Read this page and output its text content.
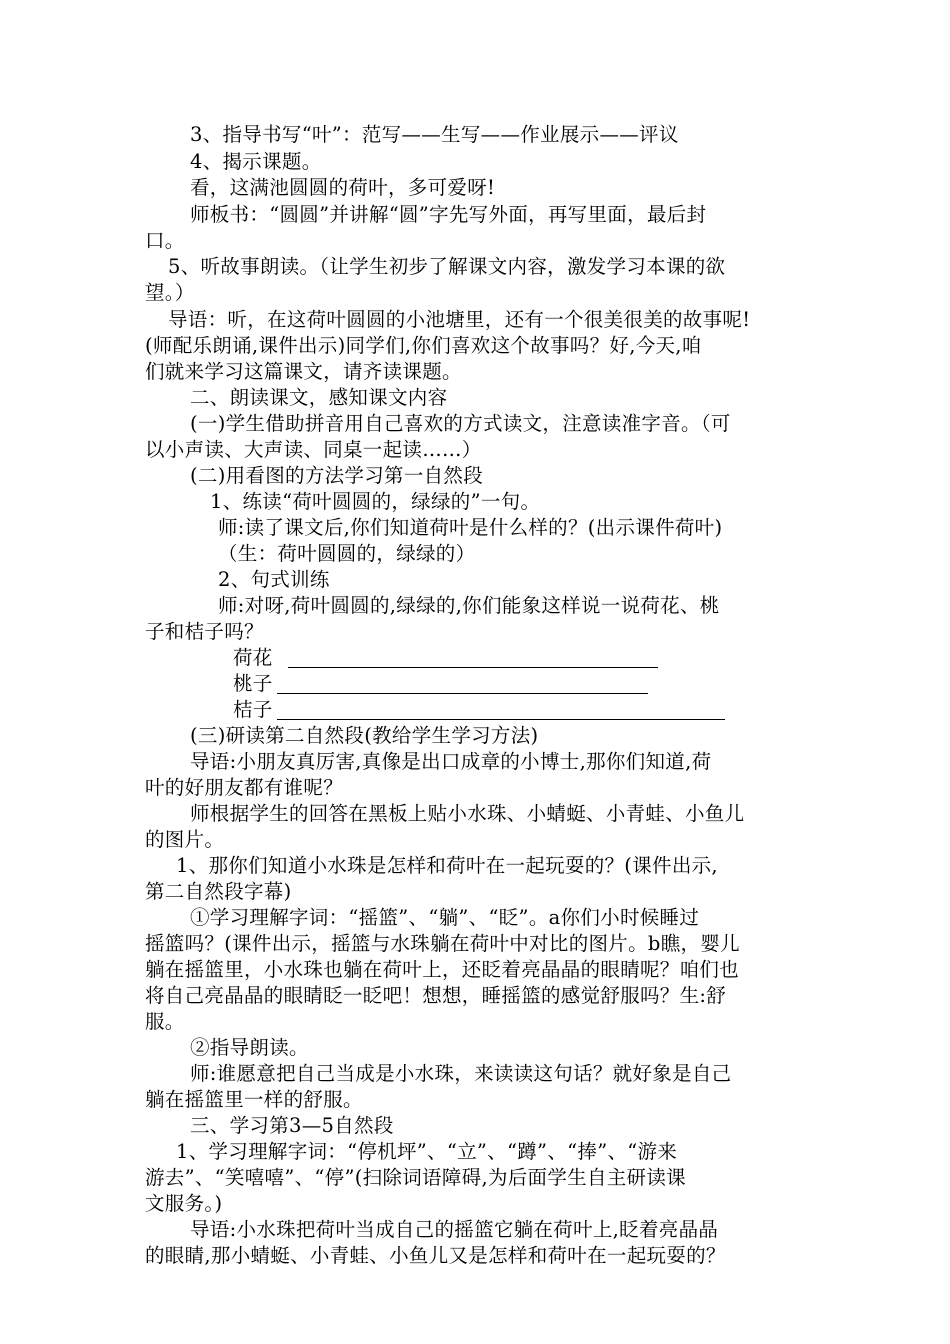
3、指导书写“叶”：范写——生写——作业展示——评议
4、揭示课题。
看，这满池圆圆的荷叶，多可爱呀!
师板书：“圆圆”并讲解“圆”字先写外面，再写里面，最后封
口。
5、听故事朗读。（让学生初步了解课文内容，激发学习本课的欲
望。）
导语：听，在这荷叶圆圆的小池塘里，还有一个很美很美的故事呢!
(师配乐朗诵,课件出示)同学们,你们喜欢这个故事吗？好,今天,咱
们就来学习这篇课文，请齐读课题。
二、朗读课文，感知课文内容
(一)学生借助拼音用自己喜欢的方式读文，注意读准字音。（可
以小声读、大声读、同桌一起读……）
(二)用看图的方法学习第一自然段
1、练读“荷叶圆圆的，绿绿的”一句。
师:读了课文后,你们知道荷叶是什么样的？(出示课件荷叶)
（生：荷叶圆圆的，绿绿的）
2、句式训练
师:对呀,荷叶圆圆的,绿绿的,你们能象这样说一说荷花、桃
子和桔子吗？
荷花
桃子
桔子
(三)研读第二自然段(教给学生学习方法)
导语:小朋友真厉害,真像是出口成章的小博士,那你们知道,荷
叶的好朋友都有谁呢？
师根据学生的回答在黑板上贴小水珠、小蜻蜓、小青蛙、小鱼儿
的图片。
1、那你们知道小水珠是怎样和荷叶在一起玩耍的？(课件出示,
第二自然段字幕)
①学习理解字词：“摇篮”、“躺”、“眨”。a你们小时候睡过
摇篮吗？(课件出示，摇篮与水珠躺在荷叶中对比的图片。b瞧，婴儿
躺在摇篮里，小水珠也躺在荷叶上，还眨着亮晶晶的眼睛呢？咱们也
将自己亮晶晶的眼睛眨一眨吧！想想，睡摇篮的感觉舒服吗？生:舒
服。
②指导朗读。
师:谁愿意把自己当成是小水珠，来读读这句话？就好象是自己
躺在摇篮里一样的舒服。
三、学习第3—5自然段
1、学习理解字词：“停机坪”、“立”、“蹲”、“捧”、“游来
游去”、“笑嘻嘻”、“停”(扫除词语障碍,为后面学生自主研读课
文服务。)
导语:小水珠把荷叶当成自己的摇篮它躺在荷叶上,眨着亮晶晶
的眼睛,那小蜻蜓、小青蛙、小鱼儿又是怎样和荷叶在一起玩耍的？
